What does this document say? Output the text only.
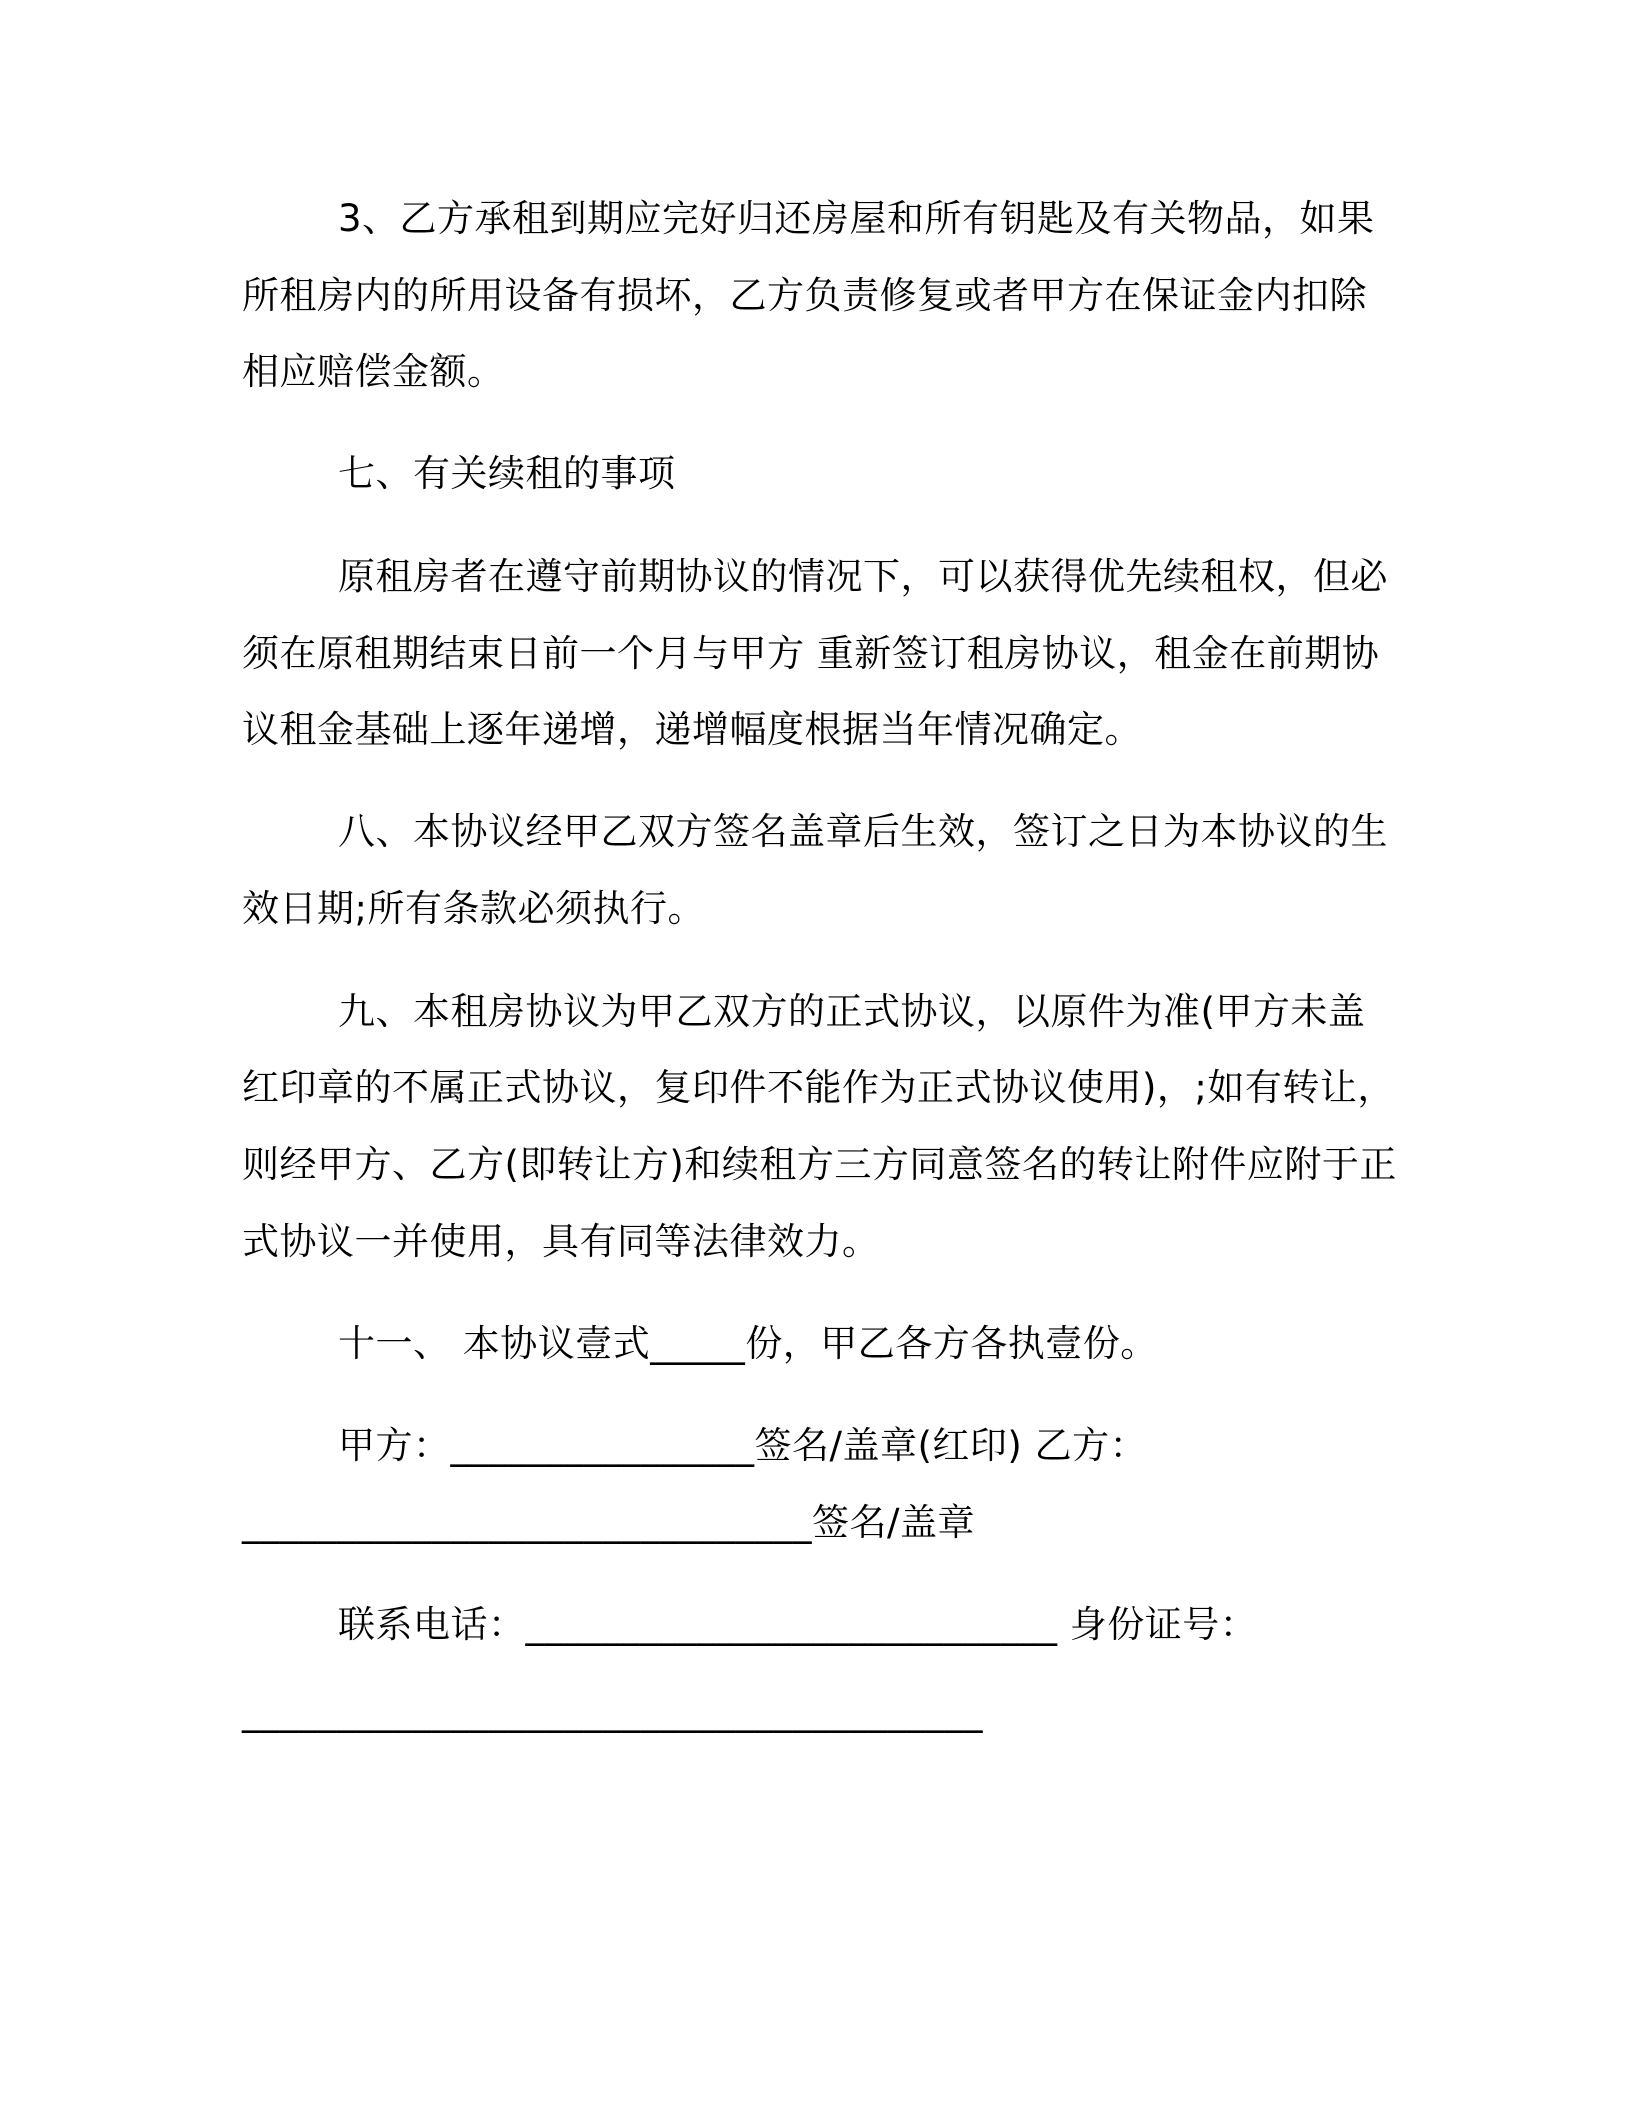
3、乙方承租到期应完好归还房屋和所有钥匙及有关物品，如果
所租房内的所用设备有损坏，乙方负责修复或者甲方在保证金内扣除
相应赔偿金额。
七、有关续租的事项
原租房者在遵守前期协议的情况下，可以获得优先续租权，但必
须在原租期结束日前一个月与甲方 重新签订租房协议，租金在前期协
议租金基础上逐年递增，递增幅度根据当年情况确定。
八、本协议经甲乙双方签名盖章后生效，签订之日为本协议的生
效日期;所有条款必须执行。
九、本租房协议为甲乙双方的正式协议，以原件为准(甲方未盖
红印章的不属正式协议，复印件不能作为正式协议使用)，;如有转让，
则经甲方、乙方(即转让方)和续租方三方同意签名的转让附件应附于正
式协议一并使用，具有同等法律效力。
十一、 本协议壹式_____份，甲乙各方各执壹份。
甲方：________________签名/盖章(红印) 乙方：
______________________________签名/盖章
联系电话：____________________________ 身份证号：
_______________________________________
